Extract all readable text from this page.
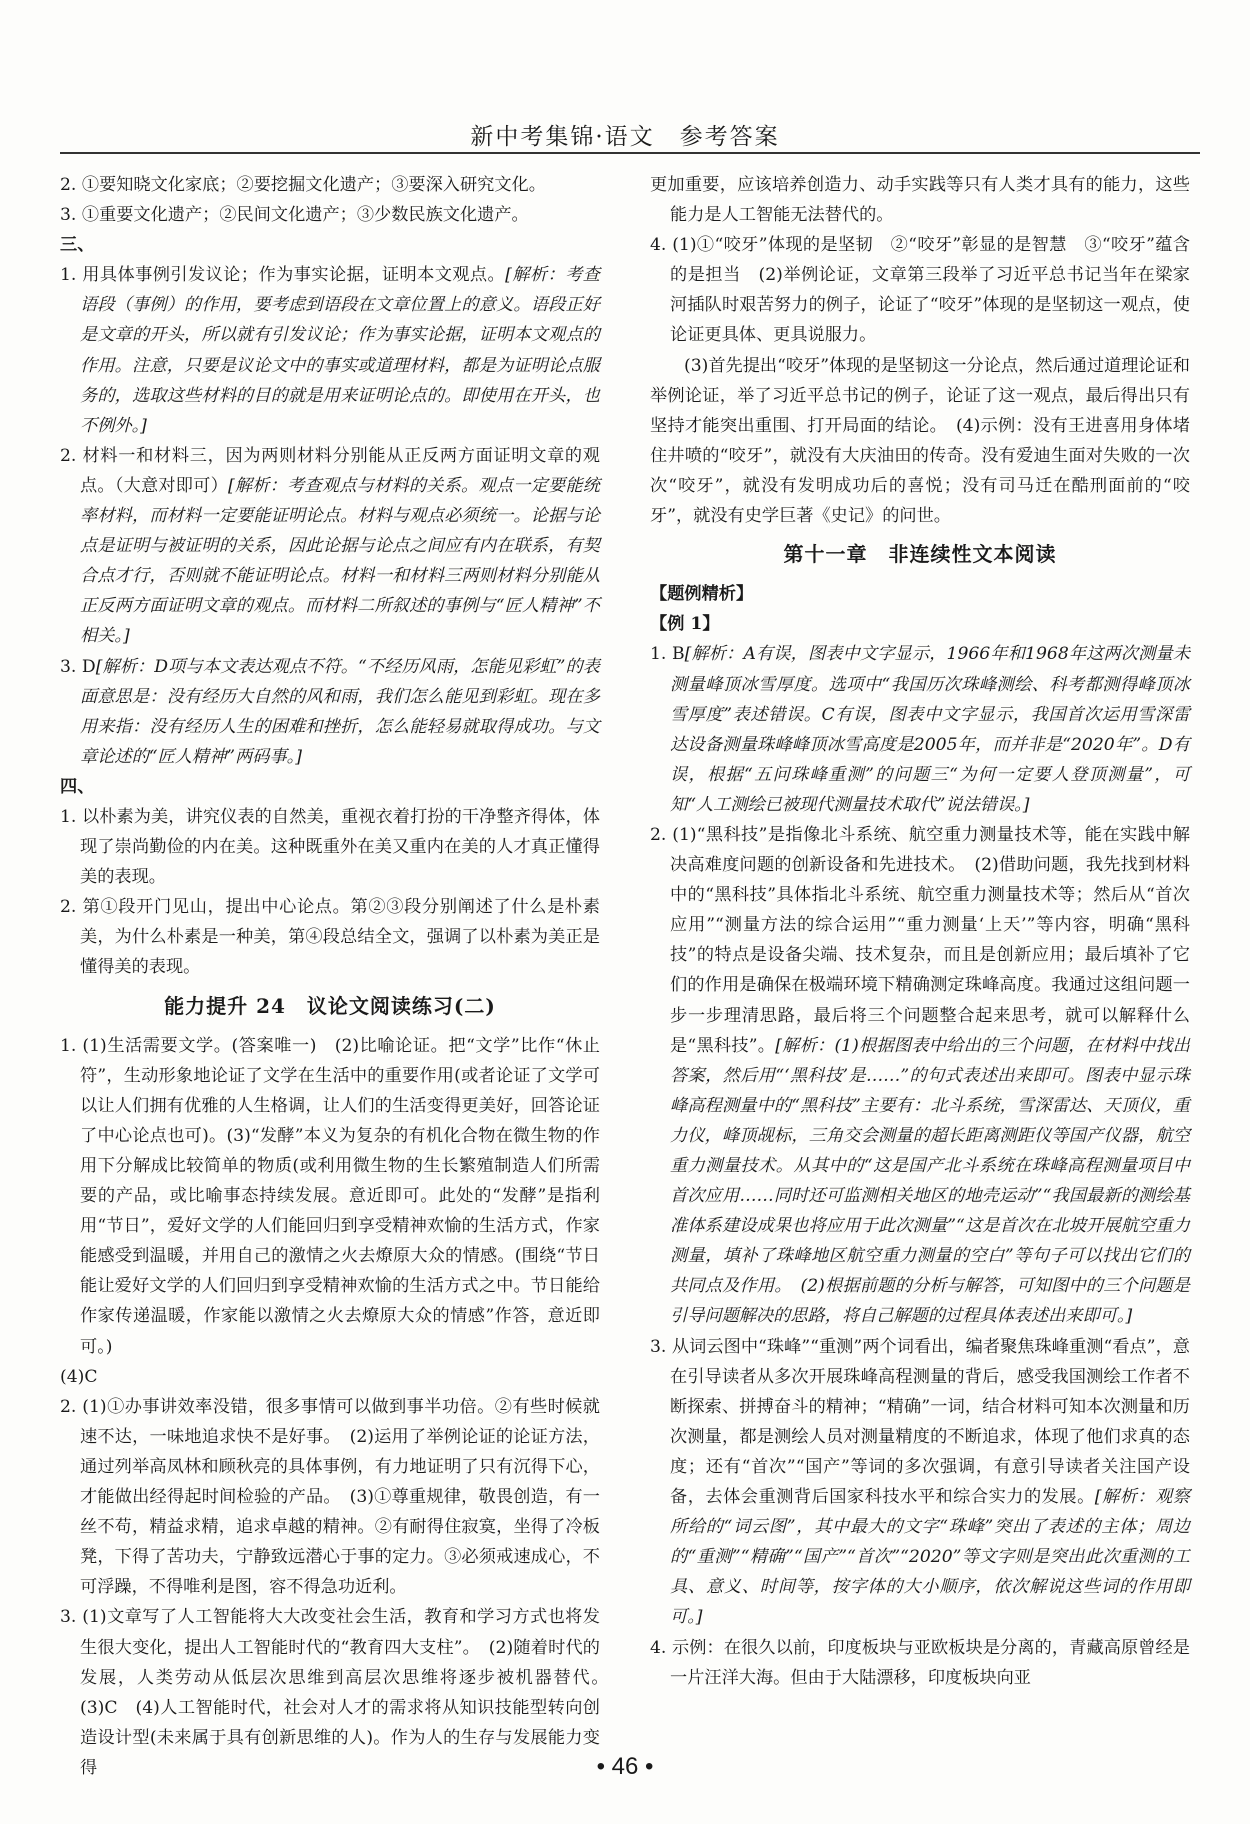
新中考集锦·语文　参考答案

2. ①要知晓文化家底；②要挖掘文化遗产；③要深入研究文化。

3. ①重要文化遗产；②民间文化遗产；③少数民族文化遗产。

三、

1. 用具体事例引发议论；作为事实论据，证明本文观点。[解析：考查语段（事例）的作用，要考虑到语段在文章位置上的意义。语段正好是文章的开头，所以就有引发议论；作为事实论据，证明本文观点的作用。注意，只要是议论文中的事实或道理材料，都是为证明论点服务的，选取这些材料的目的就是用来证明论点的。即使用在开头，也不例外。]

2. 材料一和材料三，因为两则材料分别能从正反两方面证明文章的观点。（大意对即可）[解析：考查观点与材料的关系。观点一定要能统率材料，而材料一定要能证明论点。材料与观点必须统一。论据与论点是证明与被证明的关系，因此论据与论点之间应有内在联系，有契合点才行，否则就不能证明论点。材料一和材料三两则材料分别能从正反两方面证明文章的观点。而材料二所叙述的事例与“匠人精神”不相关。]

3. D[解析：D项与本文表达观点不符。“不经历风雨，怎能见彩虹”的表面意思是：没有经历大自然的风和雨，我们怎么能见到彩虹。现在多用来指：没有经历人生的困难和挫折，怎么能轻易就取得成功。与文章论述的“匠人精神”两码事。]

四、

1. 以朴素为美，讲究仪表的自然美，重视衣着打扮的干净整齐得体，体现了崇尚勤俭的内在美。这种既重外在美又重内在美的人才真正懂得美的表现。

2. 第①段开门见山，提出中心论点。第②③段分别阐述了什么是朴素美，为什么朴素是一种美，第④段总结全文，强调了以朴素为美正是懂得美的表现。

能力提升 24　议论文阅读练习(二)

1. (1)生活需要文学。(答案唯一)　(2)比喻论证。把“文学”比作“休止符”，生动形象地论证了文学在生活中的重要作用(或者论证了文学可以让人们拥有优雅的人生格调，让人们的生活变得更美好，回答论证了中心论点也可)。(3)“发酵”本义为复杂的有机化合物在微生物的作用下分解成比较简单的物质(或利用微生物的生长繁殖制造人们所需要的产品，或比喻事态持续发展。意近即可。此处的“发酵”是指利用“节日”，爱好文学的人们能回归到享受精神欢愉的生活方式，作家能感受到温暖，并用自己的激情之火去燎原大众的情感。(围绕“节日能让爱好文学的人们回归到享受精神欢愉的生活方式之中。节日能给作家传递温暖，作家能以激情之火去燎原大众的情感”作答，意近即可。)

(4)C

2. (1)①办事讲效率没错，很多事情可以做到事半功倍。②有些时候就速不达，一味地追求快不是好事。　(2)运用了举例论证的论证方法，通过列举高凤林和顾秋亮的具体事例，有力地证明了只有沉得下心，才能做出经得起时间检验的产品。　(3)①尊重规律，敬畏创造，有一丝不苟，精益求精，追求卓越的精神。②有耐得住寂寞，坐得了冷板凳，下得了苦功夫，宁静致远潜心于事的定力。③必须戒速成心，不可浮躁，不得唯利是图，容不得急功近利。

3. (1)文章写了人工智能将大大改变社会生活，教育和学习方式也将发生很大变化，提出人工智能时代的“教育四大支柱”。　(2)随着时代的发展，人类劳动从低层次思维到高层次思维将逐步被机器替代。　(3)C　(4)人工智能时代，社会对人才的需求将从知识技能型转向创造设计型(未来属于具有创新思维的人)。作为人的生存与发展能力变得

更加重要，应该培养创造力、动手实践等只有人类才具有的能力，这些能力是人工智能无法替代的。

4. (1)①“咬牙”体现的是坚韧　②“咬牙”彰显的是智慧　③“咬牙”蕴含的是担当　(2)举例论证，文章第三段举了习近平总书记当年在梁家河插队时艰苦努力的例子，论证了“咬牙”体现的是坚韧这一观点，使论证更具体、更具说服力。

(3)首先提出“咬牙”体现的是坚韧这一分论点，然后通过道理论证和举例论证，举了习近平总书记的例子，论证了这一观点，最后得出只有坚持才能突出重围、打开局面的结论。　(4)示例：没有王进喜用身体堵住井喷的“咬牙”，就没有大庆油田的传奇。没有爱迪生面对失败的一次次“咬牙”，就没有发明成功后的喜悦；没有司马迁在酷刑面前的“咬牙”，就没有史学巨著《史记》的问世。

第十一章　非连续性文本阅读

【题例精析】

【例 1】

1. B[解析：A有误，图表中文字显示，1966年和1968年这两次测量未测量峰顶冰雪厚度。选项中“我国历次珠峰测绘、科考都测得峰顶冰雪厚度”表述错误。C有误，图表中文字显示，我国首次运用雪深雷达设备测量珠峰峰顶冰雪高度是2005年，而并非是“2020年”。D有误，根据“五问珠峰重测”的问题三“为何一定要人登顶测量”，可知“人工测绘已被现代测量技术取代”说法错误。]

2. (1)“黑科技”是指像北斗系统、航空重力测量技术等，能在实践中解决高难度问题的创新设备和先进技术。　(2)借助问题，我先找到材料中的“黑科技”具体指北斗系统、航空重力测量技术等；然后从“首次应用”“测量方法的综合运用”“重力测量‘上天’”等内容，明确“黑科技”的特点是设备尖端、技术复杂，而且是创新应用；最后填补了它们的作用是确保在极端环境下精确测定珠峰高度。我通过这组问题一步一步理清思路，最后将三个问题整合起来思考，就可以解释什么是“黑科技”。[解析：(1)根据图表中给出的三个问题，在材料中找出答案，然后用“‘黑科技’是……”的句式表述出来即可。图表中显示珠峰高程测量中的“黑科技”主要有：北斗系统，雪深雷达、天顶仪，重力仪，峰顶觇标，三角交会测量的超长距离测距仪等国产仪器，航空重力测量技术。从其中的“这是国产北斗系统在珠峰高程测量项目中首次应用……同时还可监测相关地区的地壳运动”“我国最新的测绘基准体系建设成果也将应用于此次测量”“这是首次在北坡开展航空重力测量，填补了珠峰地区航空重力测量的空白”等句子可以找出它们的共同点及作用。　(2)根据前题的分析与解答，可知图中的三个问题是引导问题解决的思路，将自己解题的过程具体表述出来即可。]

3. 从词云图中“珠峰”“重测”两个词看出，编者聚焦珠峰重测“看点”，意在引导读者从多次开展珠峰高程测量的背后，感受我国测绘工作者不断探索、拼搏奋斗的精神；“精确”一词，结合材料可知本次测量和历次测量，都是测绘人员对测量精度的不断追求，体现了他们求真的态度；还有“首次”“国产”等词的多次强调，有意引导读者关注国产设备，去体会重测背后国家科技水平和综合实力的发展。[解析：观察所给的“词云图”，其中最大的文字“珠峰”突出了表述的主体；周边的“重测”“精确”“国产”“首次”“2020”等文字则是突出此次重测的工具、意义、时间等，按字体的大小顺序，依次解说这些词的作用即可。]

4. 示例：在很久以前，印度板块与亚欧板块是分离的，青藏高原曾经是一片汪洋大海。但由于大陆漂移，印度板块向亚

• 46 •
